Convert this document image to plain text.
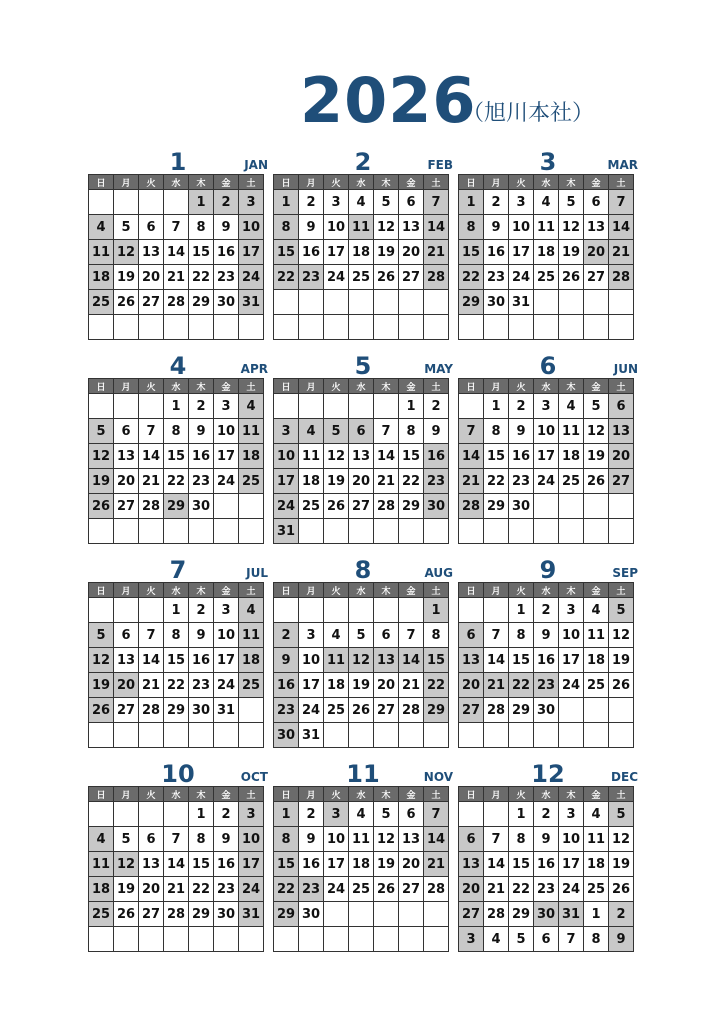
2026
（旭川本社）
1	JAN
日	月	火	水	木	金	土
				1	2	3
4	5	6	7	8	9	10
11	12	13	14	15	16	17
18	19	20	21	22	23	24
25	26	27	28	29	30	31

2	FEB
日	月	火	水	木	金	土
1	2	3	4	5	6	7
8	9	10	11	12	13	14
15	16	17	18	19	20	21
22	23	24	25	26	27	28

3	MAR
日	月	火	水	木	金	土
1	2	3	4	5	6	7
8	9	10	11	12	13	14
15	16	17	18	19	20	21
22	23	24	25	26	27	28
29	30	31				

4	APR
日	月	火	水	木	金	土
			1	2	3	4
5	6	7	8	9	10	11
12	13	14	15	16	17	18
19	20	21	22	23	24	25
26	27	28	29	30		

5	MAY
日	月	火	水	木	金	土
					1	2
3	4	5	6	7	8	9
10	11	12	13	14	15	16
17	18	19	20	21	22	23
24	25	26	27	28	29	30
31						
6	JUN
日	月	火	水	木	金	土
	1	2	3	4	5	6
7	8	9	10	11	12	13
14	15	16	17	18	19	20
21	22	23	24	25	26	27
28	29	30				

7	JUL
日	月	火	水	木	金	土
			1	2	3	4
5	6	7	8	9	10	11
12	13	14	15	16	17	18
19	20	21	22	23	24	25
26	27	28	29	30	31	

8	AUG
日	月	火	水	木	金	土
						1
2	3	4	5	6	7	8
9	10	11	12	13	14	15
16	17	18	19	20	21	22
23	24	25	26	27	28	29
30	31					
9	SEP
日	月	火	水	木	金	土
		1	2	3	4	5
6	7	8	9	10	11	12
13	14	15	16	17	18	19
20	21	22	23	24	25	26
27	28	29	30			

10	OCT
日	月	火	水	木	金	土
				1	2	3
4	5	6	7	8	9	10
11	12	13	14	15	16	17
18	19	20	21	22	23	24
25	26	27	28	29	30	31

11	NOV
日	月	火	水	木	金	土
1	2	3	4	5	6	7
8	9	10	11	12	13	14
15	16	17	18	19	20	21
22	23	24	25	26	27	28
29	30					

12	DEC
日	月	火	水	木	金	土
		1	2	3	4	5
6	7	8	9	10	11	12
13	14	15	16	17	18	19
20	21	22	23	24	25	26
27	28	29	30	31	1	2
3	4	5	6	7	8	9
